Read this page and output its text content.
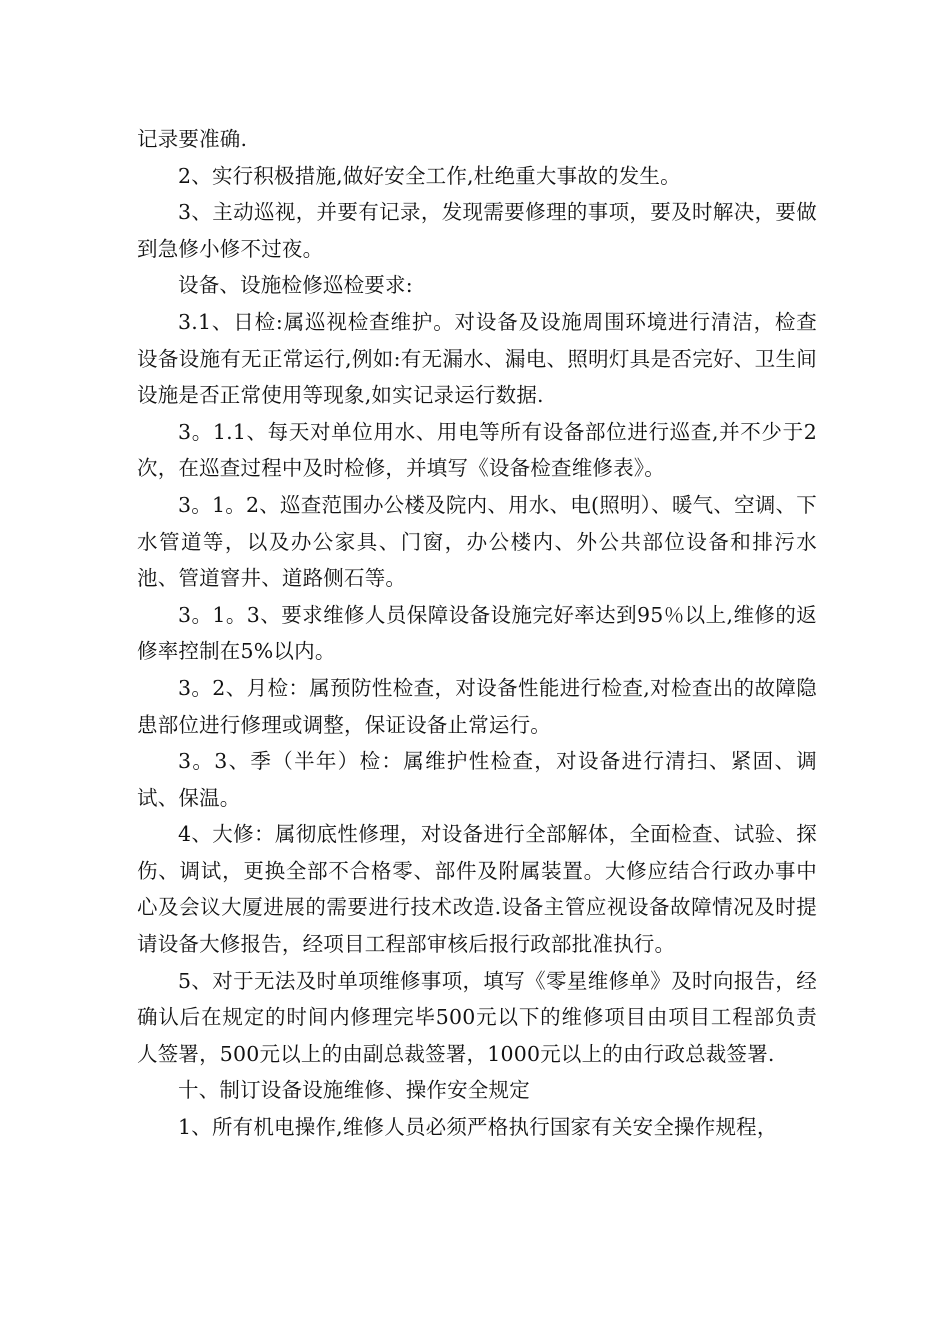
记录要准确.

2、实行积极措施,做好安全工作,杜绝重大事故的发生。

3、主动巡视，并要有记录，发现需要修理的事项，要及时解决，要做到急修小修不过夜。

设备、设施检修巡检要求:

3.1、日检:属巡视检查维护。对设备及设施周围环境进行清洁，检查设备设施有无正常运行,例如:有无漏水、漏电、照明灯具是否完好、卫生间设施是否正常使用等现象,如实记录运行数据.

3。1.1、每天对单位用水、用电等所有设备部位进行巡查,并不少于2次，在巡查过程中及时检修，并填写《设备检查维修表》。

3。1。2、巡查范围办公楼及院内、用水、电(照明）、暖气、空调、下水管道等，以及办公家具、门窗，办公楼内、外公共部位设备和排污水池、管道窨井、道路侧石等。

3。1。3、要求维修人员保障设备设施完好率达到95％以上,维修的返修率控制在5%以内。

3。2、月检：属预防性检查，对设备性能进行检查,对检查出的故障隐患部位进行修理或调整，保证设备止常运行。

3。3、季（半年）检：属维护性检查，对设备进行清扫、紧固、调试、保温。

4、大修：属彻底性修理，对设备进行全部解体，全面检查、试验、探伤、调试，更换全部不合格零、部件及附属装置。大修应结合行政办事中心及会议大厦进展的需要进行技术改造.设备主管应视设备故障情况及时提请设备大修报告，经项目工程部审核后报行政部批准执行。

5、对于无法及时单项维修事项，填写《零星维修单》及时向报告，经确认后在规定的时间内修理完毕500元以下的维修项目由项目工程部负责人签署，500元以上的由副总裁签署，1000元以上的由行政总裁签署.

十、制订设备设施维修、操作安全规定

1、所有机电操作,维修人员必须严格执行国家有关安全操作规程，
